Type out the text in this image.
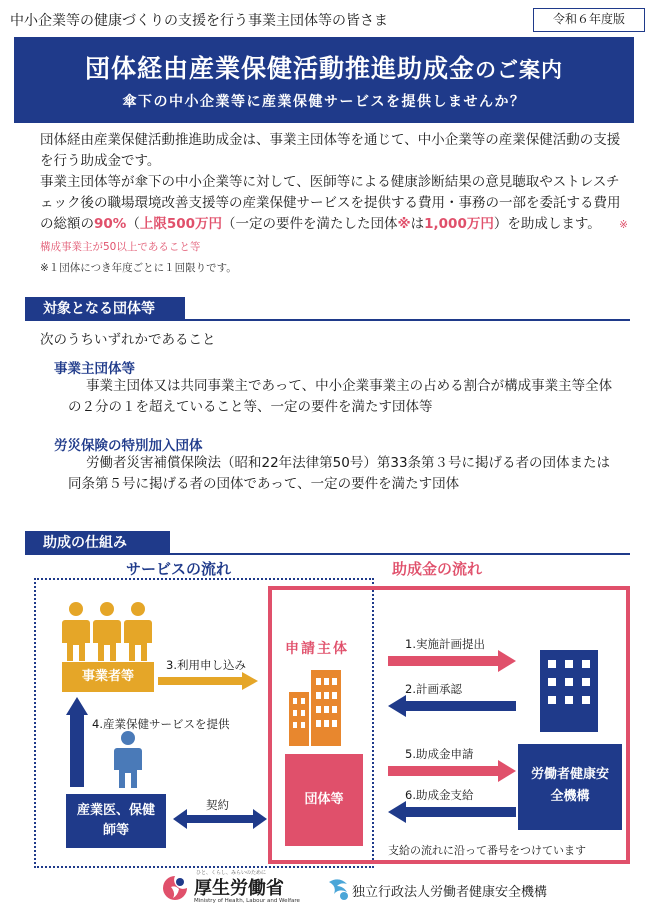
中小企業等の健康づくりの支援を行う事業主団体等の皆さま	令和６年度版
団体経由産業保健活動推進助成金のご案内
傘下の中小企業等に産業保健サービスを提供しませんか？
団体経由産業保健活動推進助成金は、事業主団体等を通じて、中小企業等の産業保健活動の支援を行う助成金です。
事業主団体等が傘下の中小企業等に対して、医師等による健康診断結果の意見聴取やストレスチェック後の職場環境改善支援等の産業保健サービスを提供する費用・事務の一部を委託する費用の総額の90%（上限500万円（一定の要件を満たした団体※は1,000万円）を助成します。 ※構成事業主が50以上であること等
※１団体につき年度ごとに１回限りです。
対象となる団体等
次のうちいずれかであること
事業主団体等
事業主団体又は共同事業主であって、中小企業事業主の占める割合が構成事業主等全体の２分の１を超えていること等、一定の要件を満たす団体等
労災保険の特別加入団体
労働者災害補償保険法（昭和22年法律第50号）第33条第３号に掲げる者の団体または同条第５号に掲げる者の団体であって、一定の要件を満たす団体
助成の仕組み
サービスの流れ	助成金の流れ
事業者等
3.利用申し込み
4.産業保健サービスを提供
産業医、保健師等
契約
申請主体
団体等
1.実施計画提出
2.計画承認
5.助成金申請
6.助成金支給
労働者健康安全機構
支給の流れに沿って番号をつけています
厚生労働省
ひと、くらし、みらいのために
Ministry of Health, Labour and Welfare
独立行政法人労働者健康安全機構
